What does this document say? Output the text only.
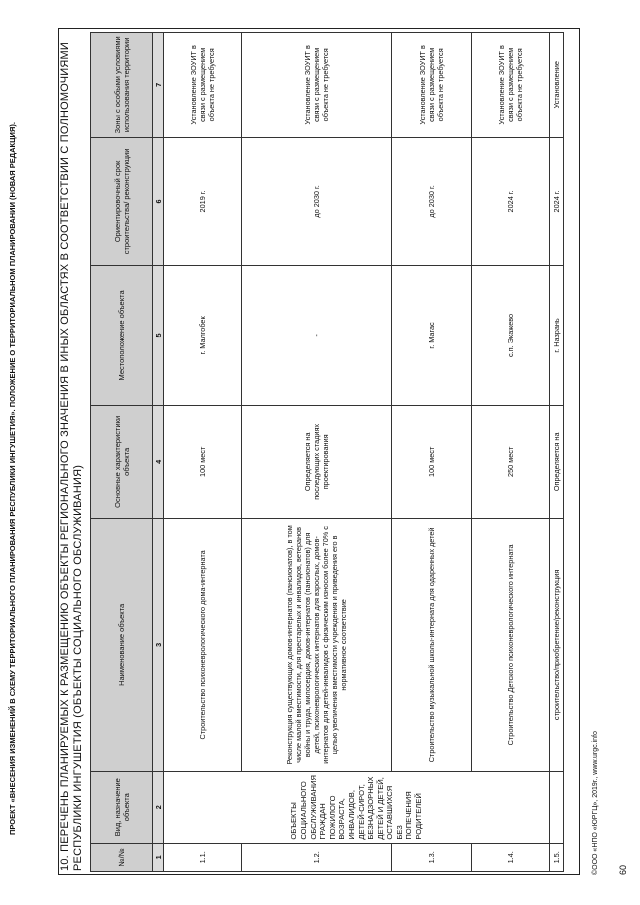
ПРОЕКТ «ВНЕСЕНИЯ ИЗМЕНЕНИЙ В СХЕМУ ТЕРРИТОРИАЛЬНОГО ПЛАНИРОВАНИЯ РЕСПУБЛИКИ ИНГУШЕТИЯ». ПОЛОЖЕНИЕ О ТЕРРИТОРИАЛЬНОМ ПЛАНИРОВАНИИ (НОВАЯ РЕДАКЦИЯ).	10. ПЕРЕЧЕНЬ ПЛАНИРУЕМЫХ К РАЗМЕЩЕНИЮ ОБЪЕКТЫ РЕГИОНАЛЬНОГО ЗНАЧЕНИЯ В ИНЫХ ОБЛАСТЯХ В СООТВЕТСТВИИ С ПОЛНОМОЧИЯМИ РЕСПУБЛИКИ ИНГУШЕТИЯ (ОБЪЕКТЫ СОЦИАЛЬНОГО ОБСЛУЖИВАНИЯ)	№/№	Вид, назначение объекта	Наименование объекта	Основные характеристики объекта	Местоположение объекта	Ориентировочный срок строительства/ реконструкции	Зоны с особыми условиями использования территории
1	2	3	4	5	6	7
1.1.	ОБЪЕКТЫ СОЦИАЛЬНОГО ОБСЛУЖИВАНИЯ ГРАЖДАН ПОЖИЛОГО ВОЗРАСТА, ИНВАЛИДОВ, ДЕТЕЙ-СИРОТ, БЕЗНАДЗОРНЫХ ДЕТЕЙ И ДЕТЕЙ, ОСТАВШИХСЯ БЕЗ ПОПЕЧЕНИЯ РОДИТЕЛЕЙ	Строительство психоневрологического дома-интерната	100 мест	г. Малгобек	2019 г.	Установление ЗОУИТ в связи с размещением объекта не требуется
1.2.		Реконструкция существующих домов-интернатов (пансионатов), в том числе малой вместимости, для престарелых и инвалидов, ветеранов войны и труда, милосердия, домов-интернатов (пансионатов) для детей, психоневрологических интернатов для взрослых, домов-интернатов для детей-инвалидов с физическим износом более 70% с целью увеличения вместимости учреждения и приведения его в нормативное соответствие	Определяется на последующих стадиях проектирования	-	до 2030 г.	Установление ЗОУИТ в связи с размещением объекта не требуется
1.3.		Строительство музыкальной школы-интерната для одаренных детей	100 мест	г. Магас	до 2030 г.	Установление ЗОУИТ в связи с размещением объекта не требуется
1.4.		Строительство Детского психоневрологического интерната	250 мест	с.п. Экажево	2024 г.	Установление ЗОУИТ в связи с размещением объекта не требуется
1.5.		строительство/приобретение/реконструкция	Определяется на	г. Назрань	2024 г.	Установление
©ООО «НПО «ЮРГЦ», 2019г., www.urgc.info 60
